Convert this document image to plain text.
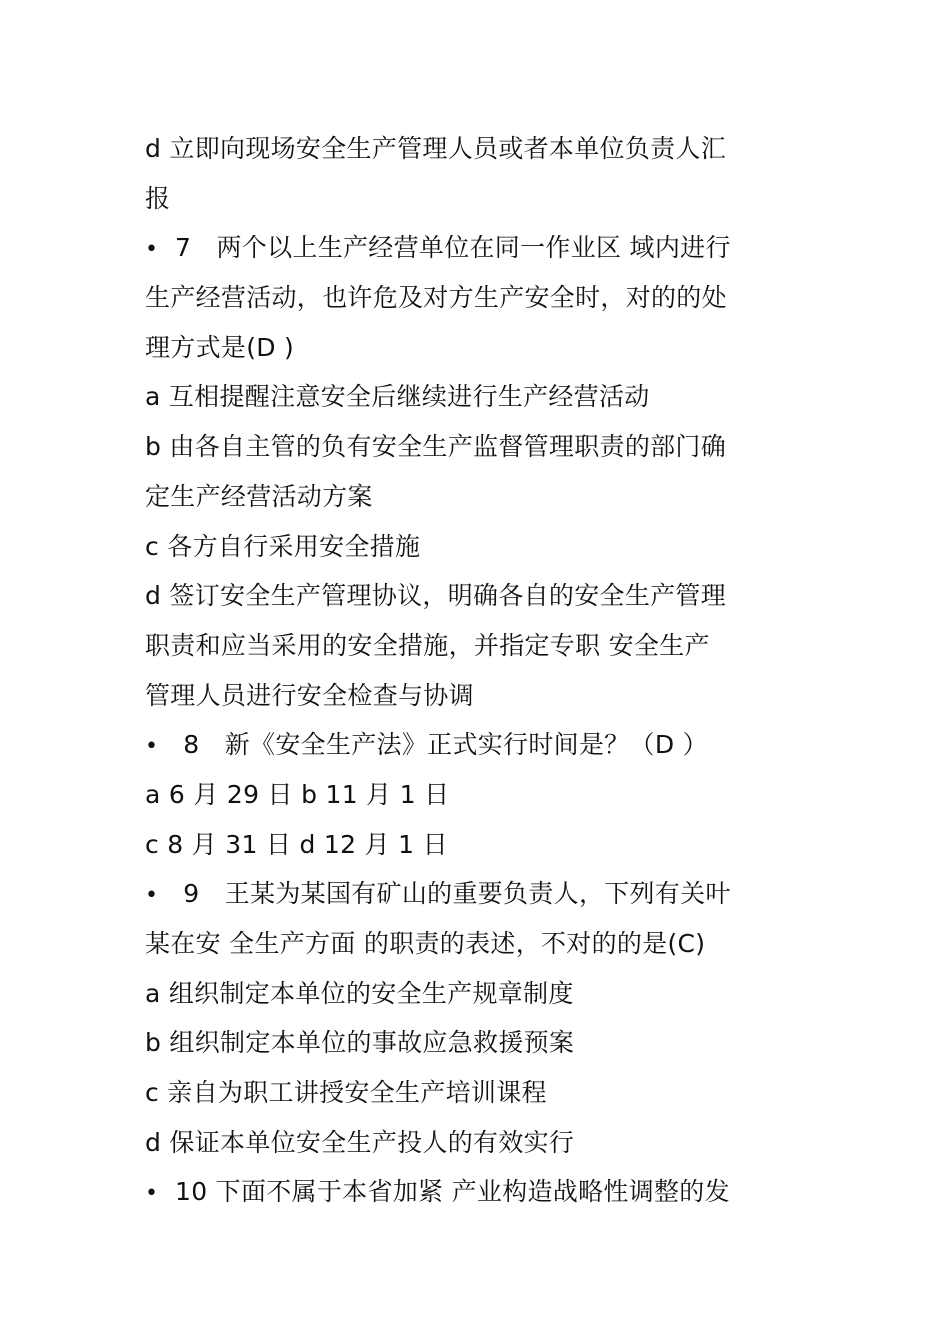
d 立即向现场安全生产管理人员或者本单位负责人汇
报
• 7　两个以上生产经营单位在同一作业区 域内进行
生产经营活动，也许危及对方生产安全时，对的的处
理方式是(D )
a 互相提醒注意安全后继续进行生产经营活动
b 由各自主管的负有安全生产监督管理职责的部门确
定生产经营活动方案
c 各方自行采用安全措施
d 签订安全生产管理协议，明确各自的安全生产管理
职责和应当采用的安全措施，并指定专职 安全生产
管理人员进行安全检查与协调
• 8　新《安全生产法》正式实行时间是？（D ）
a 6 月 29 日 b 11 月 1 日
c 8 月 31 日 d 12 月 1 日
• 9　王某为某国有矿山的重要负责人，下列有关叶
某在安 全生产方面 的职责的表述，不对的的是(C)
a 组织制定本单位的安全生产规章制度
b 组织制定本单位的事故应急救援预案
c 亲自为职工讲授安全生产培训课程
d 保证本单位安全生产投人的有效实行
• 10 下面不属于本省加紧 产业构造战略性调整的发
